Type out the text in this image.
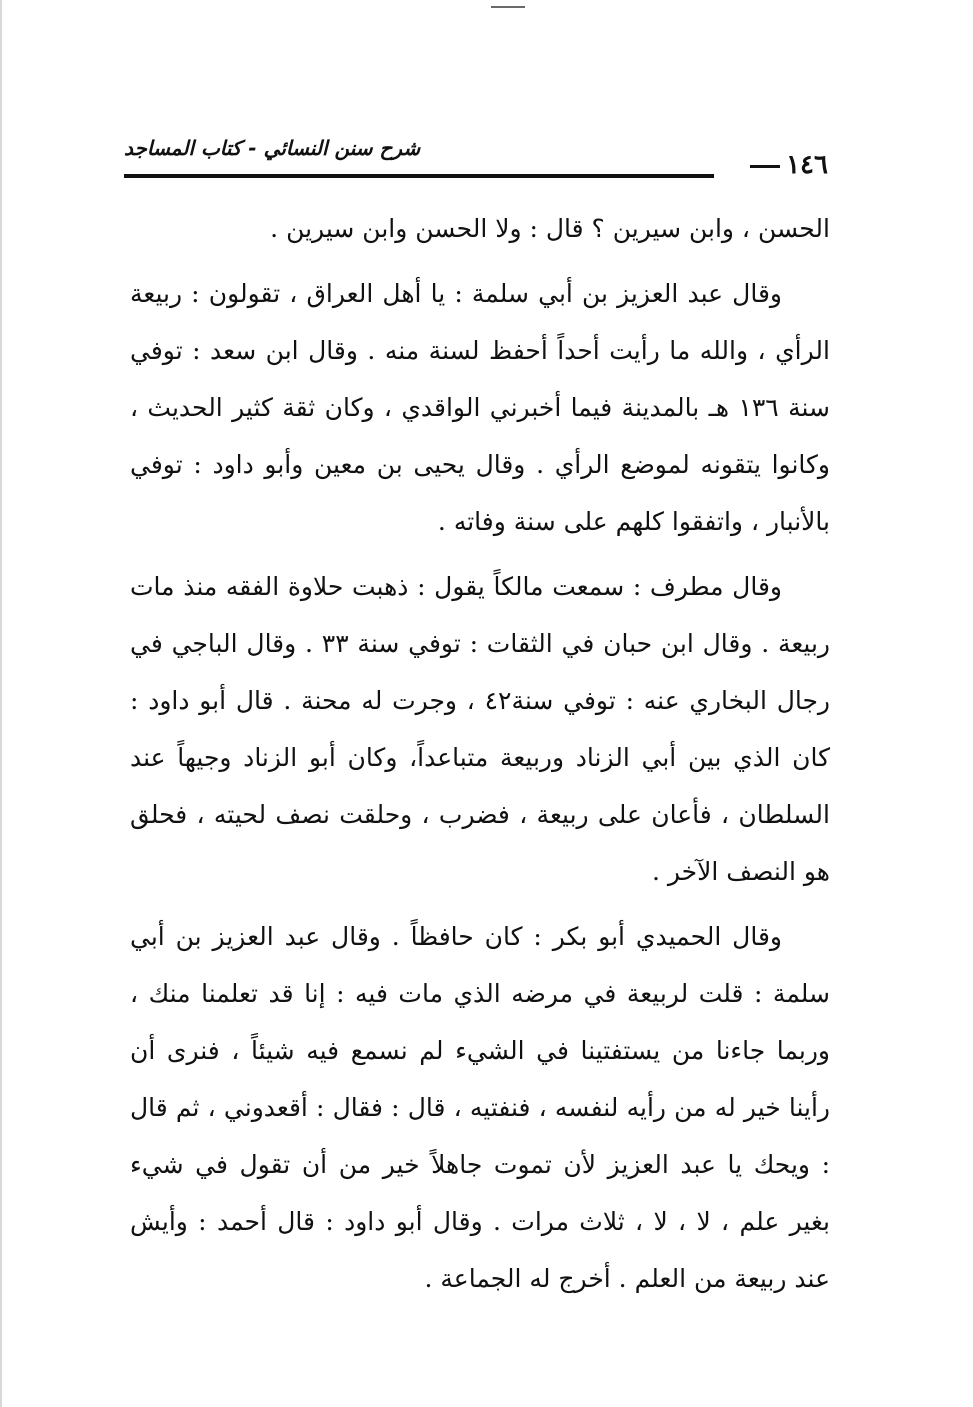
شرح سنن النسائي - كتاب المساجد
١٤٦

الحسن ، وابن سيرين ؟ قال : ولا الحسن وابن سيرين .

وقال عبد العزيز بن أبي سلمة : يا أهل العراق ، تقولون : ربيعة الرأي ، والله ما رأيت أحداً أحفظ لسنة منه . وقال ابن سعد : توفي سنة ١٣٦ هـ بالمدينة فيما أخبرني الواقدي ، وكان ثقة كثير الحديث ، وكانوا يتقونه لموضع الرأي . وقال يحيى بن معين وأبو داود : توفي بالأنبار ، واتفقوا كلهم على سنة وفاته .

وقال مطرف : سمعت مالكاً يقول : ذهبت حلاوة الفقه منذ مات ربيعة . وقال ابن حبان في الثقات : توفي سنة ٣٣ . وقال الباجي في رجال البخاري عنه : توفي سنة٤٢ ، وجرت له محنة . قال أبو داود : كان الذي بين أبي الزناد وربيعة متباعداً، وكان أبو الزناد وجيهاً عند السلطان ، فأعان على ربيعة ، فضرب ، وحلقت نصف لحيته ، فحلق هو النصف الآخر .

وقال الحميدي أبو بكر : كان حافظاً . وقال عبد العزيز بن أبي سلمة : قلت لربيعة في مرضه الذي مات فيه : إنا قد تعلمنا منك ، وربما جاءنا من يستفتينا في الشيء لم نسمع فيه شيئاً ، فنرى أن رأينا خير له من رأيه لنفسه ، فنفتيه ، قال : فقال : أقعدوني ، ثم قال : ويحك يا عبد العزيز لأن تموت جاهلاً خير من أن تقول في شيء بغير علم ، لا ، لا ، ثلاث مرات . وقال أبو داود : قال أحمد : وأيش عند ربيعة من العلم . أخرج له الجماعة .
